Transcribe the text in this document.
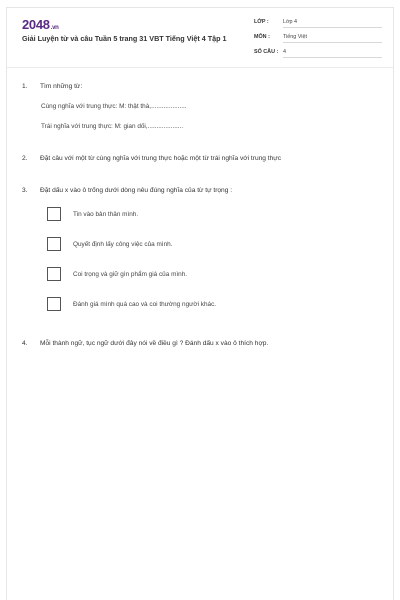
2048.vn
Giải Luyện từ và câu Tuần 5 trang 31 VBT Tiếng Việt 4 Tập 1
LỚP :	Lớp 4
MÔN : Tiếng Việt
SỐ CÂU : 4
1. Tìm những từ:
Cùng nghĩa với trung thực: M: thật thà,....................
Trái nghĩa với trung thực: M: gian dối,....................
2. Đặt câu với một từ cùng nghĩa với trung thực hoặc một từ trái nghĩa với trung thực
3. Đặt dấu x vào ô trống dưới dòng nêu đúng nghĩa của từ tự trọng :
Tin vào bản thân mình.
Quyết định lấy công việc của mình.
Coi trọng và giữ gìn phẩm giá của mình.
Đánh giá mình quá cao và coi thường người khác.
4. Mỗi thành ngữ, tục ngữ dưới đây nói về điều gì ? Đánh dấu x vào ô thích hợp.
